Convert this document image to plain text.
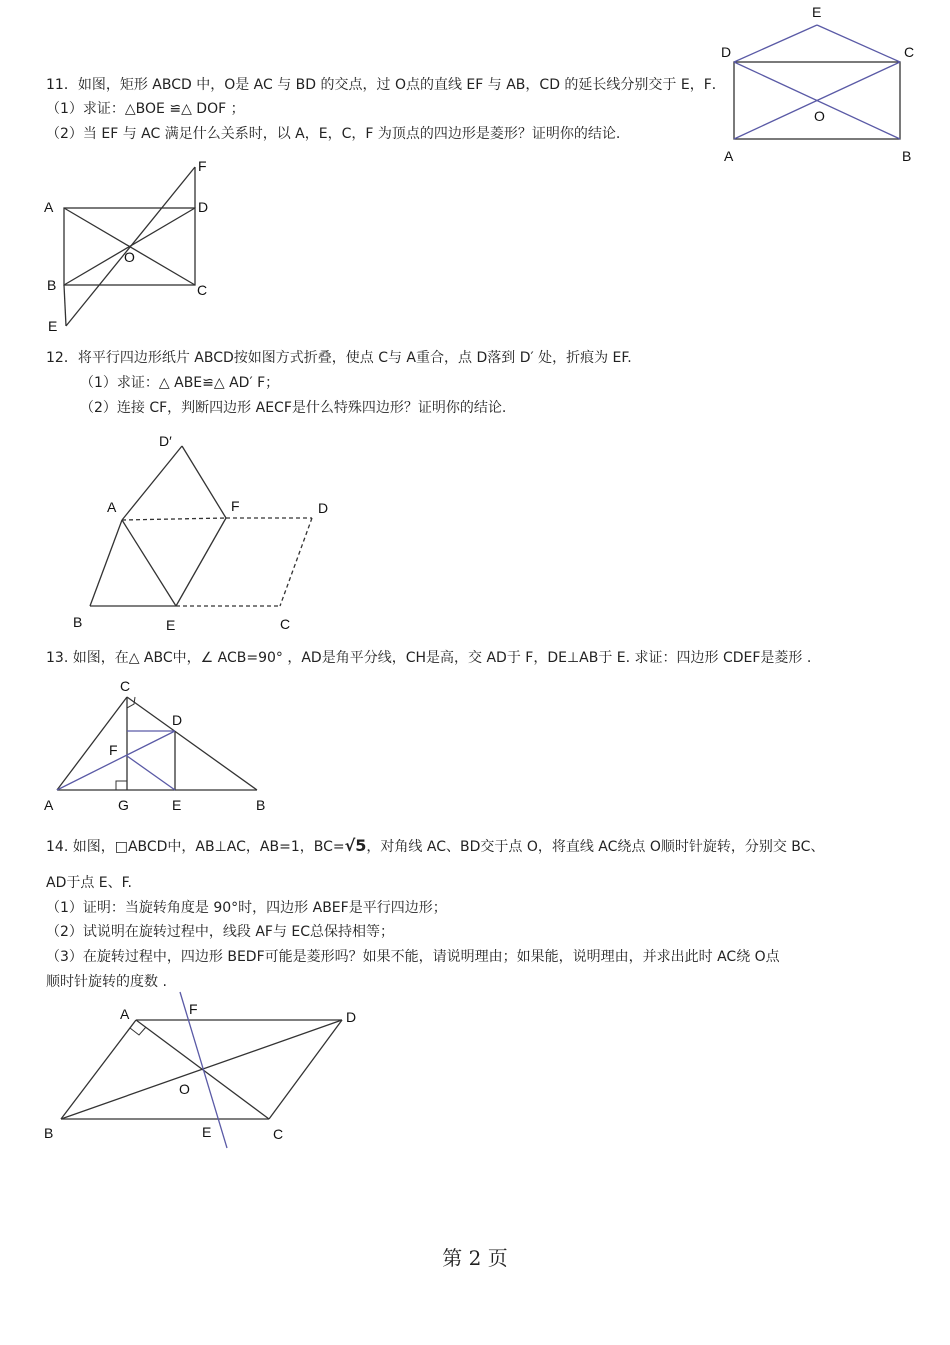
11．如图，矩形 ABCD 中，O是 AC 与 BD 的交点，过 O点的直线 EF 与 AB，CD 的延长线分别交于 E，F．
（1）求证：△BOE ≌△ DOF ；
（2）当 EF 与 AC 满足什么关系时，以 A，E，C，F 为顶点的四边形是菱形？证明你的结论.
E
D	C
O
A	B
F
A	D
O
B	C
E
12．将平行四边形纸片 ABCD按如图方式折叠，使点 C与 A重合，点 D落到 D′ 处，折痕为 EF.
（1）求证：△ ABE≌△ AD′ F；
（2）连接 CF，判断四边形 AECF是什么特殊四边形？证明你的结论.
D′
A	F	D
B	E	C
13. 如图，在△ ABC中，∠ ACB=90° ，AD是角平分线，CH是高，交 AD于 F，DE⊥AB于 E. 求证：四边形 CDEF是菱形 .
C
D
F
A	G	E	B
14. 如图，□ABCD中，AB⊥AC，AB=1，BC=√5，对角线 AC、BD交于点 O，将直线 AC绕点 O顺时针旋转，分别交 BC、
AD于点 E、F.
（1）证明：当旋转角度是 90°时，四边形 ABEF是平行四边形；
（2）试说明在旋转过程中，线段 AF与 EC总保持相等；
（3）在旋转过程中，四边形 BEDF可能是菱形吗？如果不能，请说明理由；如果能，说明理由，并求出此时 AC绕 O点
顺时针旋转的度数 .
A	F	D
O
B	E	C
第 2 页
